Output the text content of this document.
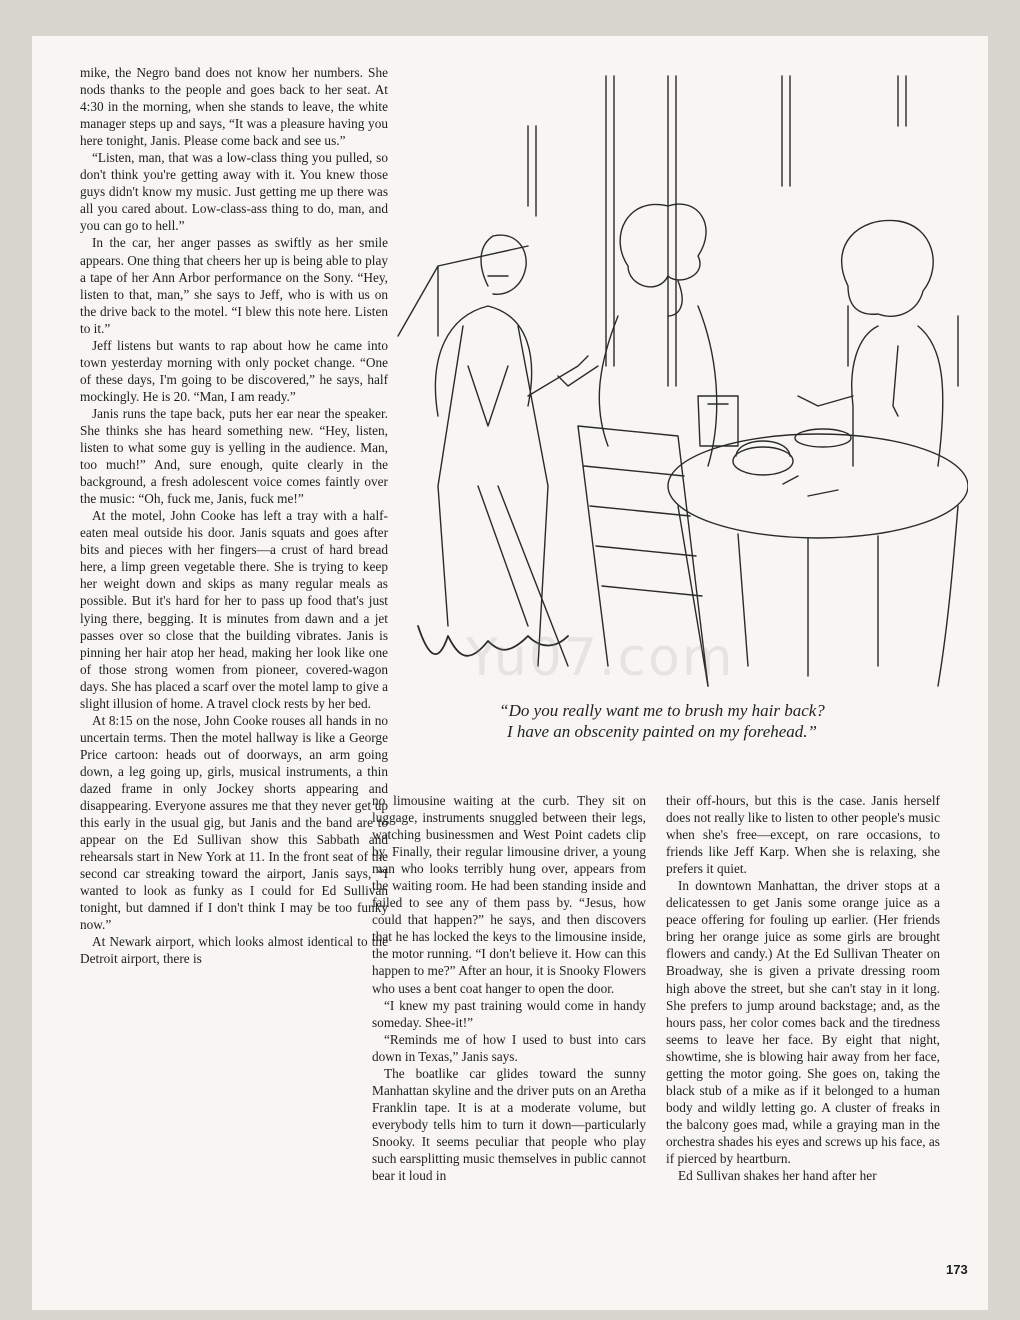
mike, the Negro band does not know her numbers. She nods thanks to the people and goes back to her seat. At 4:30 in the morning, when she stands to leave, the white manager steps up and says, “It was a pleasure having you here tonight, Janis. Please come back and see us.”

“Listen, man, that was a low-class thing you pulled, so don't think you're getting away with it. You knew those guys didn't know my music. Just getting me up there was all you cared about. Low-class-ass thing to do, man, and you can go to hell.”

In the car, her anger passes as swiftly as her smile appears. One thing that cheers her up is being able to play a tape of her Ann Arbor performance on the Sony. “Hey, listen to that, man,” she says to Jeff, who is with us on the drive back to the motel. “I blew this note here. Listen to it.”

Jeff listens but wants to rap about how he came into town yesterday morning with only pocket change. “One of these days, I'm going to be discovered,” he says, half mockingly. He is 20. “Man, I am ready.”

Janis runs the tape back, puts her ear near the speaker. She thinks she has heard something new. “Hey, listen, listen to what some guy is yelling in the audience. Man, too much!” And, sure enough, quite clearly in the background, a fresh adolescent voice comes faintly over the music: “Oh, fuck me, Janis, fuck me!”

At the motel, John Cooke has left a tray with a half-eaten meal outside his door. Janis squats and goes after bits and pieces with her fingers—a crust of hard bread here, a limp green vegetable there. She is trying to keep her weight down and skips as many regular meals as possible. But it's hard for her to pass up food that's just lying there, begging. It is minutes from dawn and a jet passes over so close that the building vibrates. Janis is pinning her hair atop her head, making her look like one of those strong women from pioneer, covered-wagon days. She has placed a scarf over the motel lamp to give a slight illusion of home. A travel clock rests by her bed.

At 8:15 on the nose, John Cooke rouses all hands in no uncertain terms. Then the motel hallway is like a George Price cartoon: heads out of doorways, an arm going down, a leg going up, girls, musical instruments, a thin dazed frame in only Jockey shorts appearing and disappearing. Everyone assures me that they never get up this early in the usual gig, but Janis and the band are to appear on the Ed Sullivan show this Sabbath and rehearsals start in New York at 11. In the front seat of the second car streaking toward the airport, Janis says, “I wanted to look as funky as I could for Ed Sullivan tonight, but damned if I don't think I may be too funky now.”

At Newark airport, which looks almost identical to the Detroit airport, there is

Yu07.com
“Do you really want me to brush my hair back?
I have an obscenity painted on my forehead.”

no limousine waiting at the curb. They sit on luggage, instruments snuggled between their legs, watching businessmen and West Point cadets clip by. Finally, their regular limousine driver, a young man who looks terribly hung over, appears from the waiting room. He had been standing inside and failed to see any of them pass by. “Jesus, how could that happen?” he says, and then discovers that he has locked the keys to the limousine inside, the motor running. “I don't believe it. How can this happen to me?” After an hour, it is Snooky Flowers who uses a bent coat hanger to open the door.

“I knew my past training would come in handy someday. Shee-it!”

“Reminds me of how I used to bust into cars down in Texas,” Janis says.

The boatlike car glides toward the sunny Manhattan skyline and the driver puts on an Aretha Franklin tape. It is at a moderate volume, but everybody tells him to turn it down—particularly Snooky. It seems peculiar that people who play such earsplitting music themselves in public cannot bear it loud in

their off-hours, but this is the case. Janis herself does not really like to listen to other people's music when she's free—except, on rare occasions, to friends like Jeff Karp. When she is relaxing, she prefers it quiet.

In downtown Manhattan, the driver stops at a delicatessen to get Janis some orange juice as a peace offering for fouling up earlier. (Her friends bring her orange juice as some girls are brought flowers and candy.) At the Ed Sullivan Theater on Broadway, she is given a private dressing room high above the street, but she can't stay in it long. She prefers to jump around backstage; and, as the hours pass, her color comes back and the tiredness seems to leave her face. By eight that night, showtime, she is blowing hair away from her face, getting the motor going. She goes on, taking the black stub of a mike as if it belonged to a human body and wildly letting go. A cluster of freaks in the balcony goes mad, while a graying man in the orchestra shades his eyes and screws up his face, as if pierced by heartburn.

Ed Sullivan shakes her hand after her

173
